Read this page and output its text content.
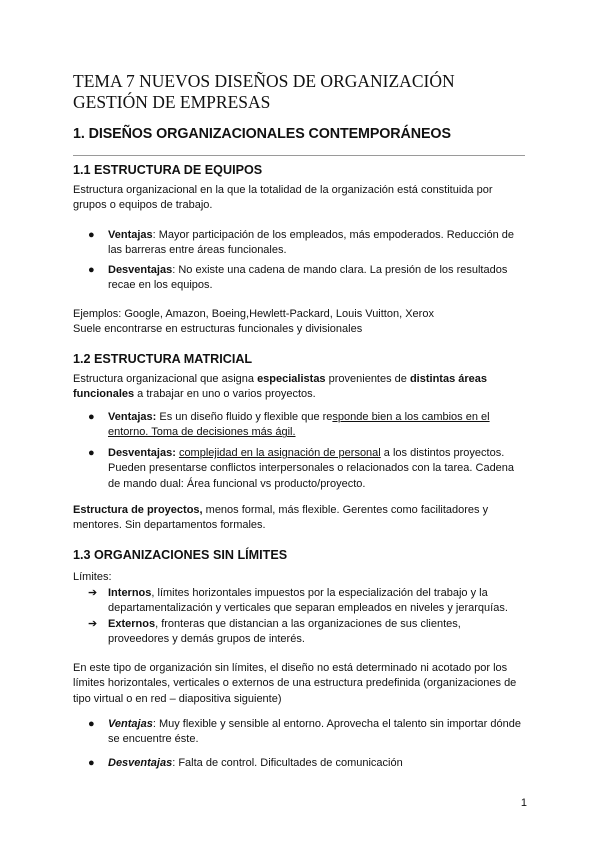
TEMA 7 NUEVOS DISEÑOS DE ORGANIZACIÓN
GESTIÓN DE EMPRESAS
1. DISEÑOS ORGANIZACIONALES CONTEMPORÁNEOS
1.1 ESTRUCTURA DE EQUIPOS
Estructura organizacional en la que la totalidad de la organización está constituida por
grupos o equipos de trabajo.
●	Ventajas: Mayor participación de los empleados, más empoderados. Reducción de
las barreras entre áreas funcionales.
●	Desventajas: No existe una cadena de mando clara. La presión de los resultados
recae en los equipos.
Ejemplos: Google, Amazon, Boeing,Hewlett-Packard, Louis Vuitton, Xerox
Suele encontrarse en estructuras funcionales y divisionales
1.2 ESTRUCTURA MATRICIAL
Estructura organizacional que asigna especialistas provenientes de distintas áreas
funcionales a trabajar en uno o varios proyectos.
●	Ventajas: Es un diseño fluido y flexible que responde bien a los cambios en el
entorno. Toma de decisiones más ágil.
●	Desventajas: complejidad en la asignación de personal a los distintos proyectos.
Pueden presentarse conflictos interpersonales o relacionados con la tarea. Cadena
de mando dual: Área funcional vs producto/proyecto.
Estructura de proyectos, menos formal, más flexible. Gerentes como facilitadores y
mentores. Sin departamentos formales.
1.3 ORGANIZACIONES SIN LÍMITES
Límites:
➔ Internos, límites horizontales impuestos por la especialización del trabajo y la
departamentalización y verticales que separan empleados en niveles y jerarquías.
➔ Externos, fronteras que distancian a las organizaciones de sus clientes,
proveedores y demás grupos de interés.
En este tipo de organización sin límites, el diseño no está determinado ni acotado por los
límites horizontales, verticales o externos de una estructura predefinida (organizaciones de
tipo virtual o en red – diapositiva siguiente)
●	Ventajas: Muy flexible y sensible al entorno. Aprovecha el talento sin importar dónde
se encuentre éste.
●	Desventajas: Falta de control. Dificultades de comunicación
1
